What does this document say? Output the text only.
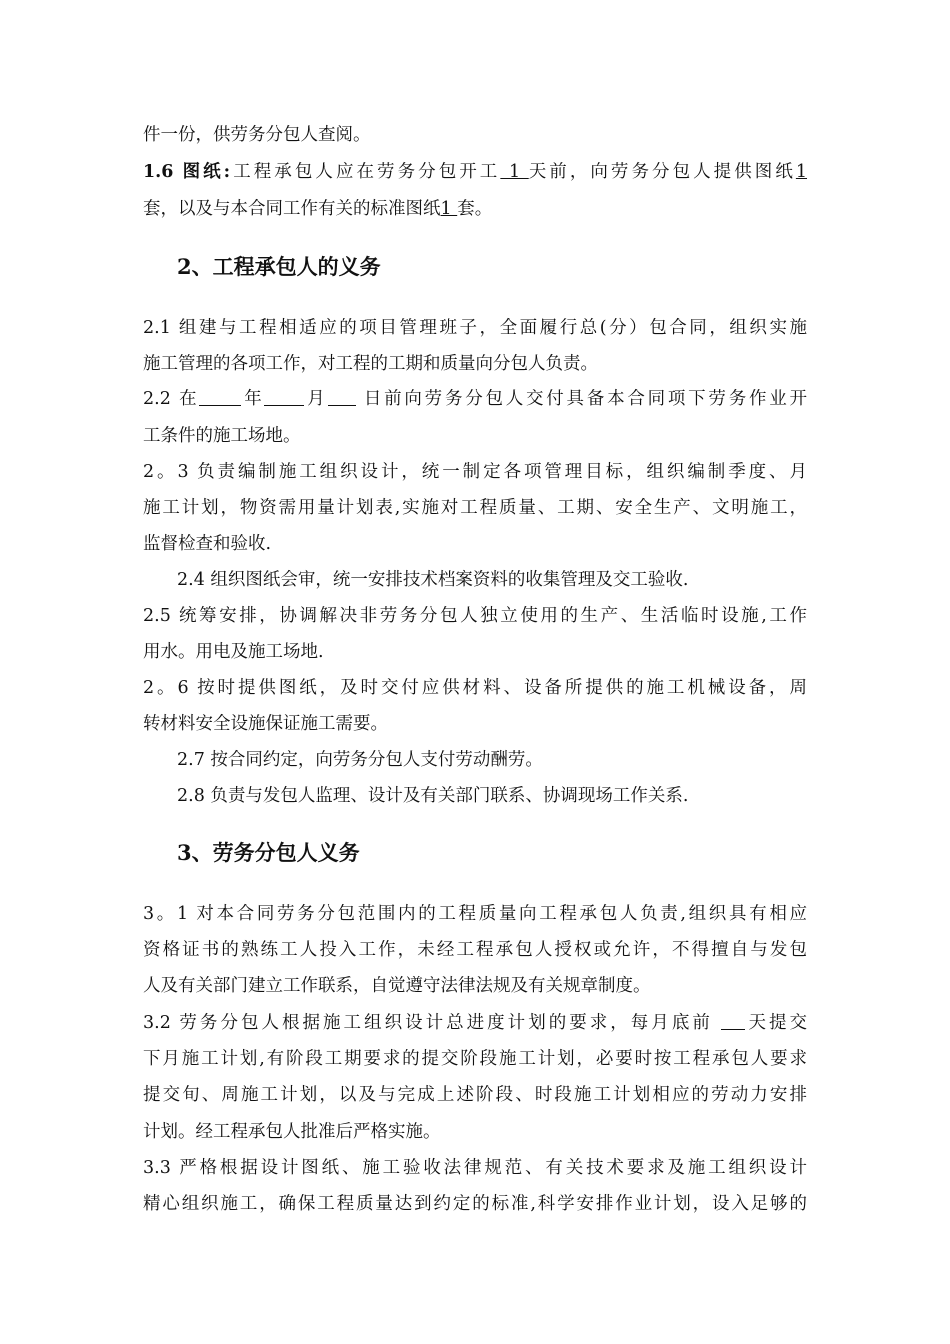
件一份，供劳务分包人查阅。
1.6 图纸:工程承包人应在劳务分包开工 1 天前，向劳务分包人提供图纸1
套，以及与本合同工作有关的标准图纸1 套。
2、工程承包人的义务
2.1 组建与工程相适应的项目管理班子，全面履行总(分）包合同，组织实施
施工管理的各项工作，对工程的工期和质量向分包人负责。
2.2 在 年 月 日前向劳务分包人交付具备本合同项下劳务作业开
工条件的施工场地。
2。3 负责编制施工组织设计，统一制定各项管理目标，组织编制季度、月
施工计划，物资需用量计划表,实施对工程质量、工期、安全生产、文明施工，
监督检查和验收.
2.4 组织图纸会审，统一安排技术档案资料的收集管理及交工验收.
2.5 统筹安排，协调解决非劳务分包人独立使用的生产、生活临时设施,工作
用水。用电及施工场地.
2。6 按时提供图纸，及时交付应供材料、设备所提供的施工机械设备，周
转材料安全设施保证施工需要。
2.7 按合同约定，向劳务分包人支付劳动酬劳。
2.8 负责与发包人监理、设计及有关部门联系、协调现场工作关系.
3、劳务分包人义务
3。1 对本合同劳务分包范围内的工程质量向工程承包人负责,组织具有相应
资格证书的熟练工人投入工作，未经工程承包人授权或允许，不得擅自与发包
人及有关部门建立工作联系，自觉遵守法律法规及有关规章制度。
3.2 劳务分包人根据施工组织设计总进度计划的要求，每月底前 天提交
下月施工计划,有阶段工期要求的提交阶段施工计划，必要时按工程承包人要求
提交旬、周施工计划，以及与完成上述阶段、时段施工计划相应的劳动力安排
计划。经工程承包人批准后严格实施。
3.3 严格根据设计图纸、施工验收法律规范、有关技术要求及施工组织设计
精心组织施工，确保工程质量达到约定的标准,科学安排作业计划，设入足够的
